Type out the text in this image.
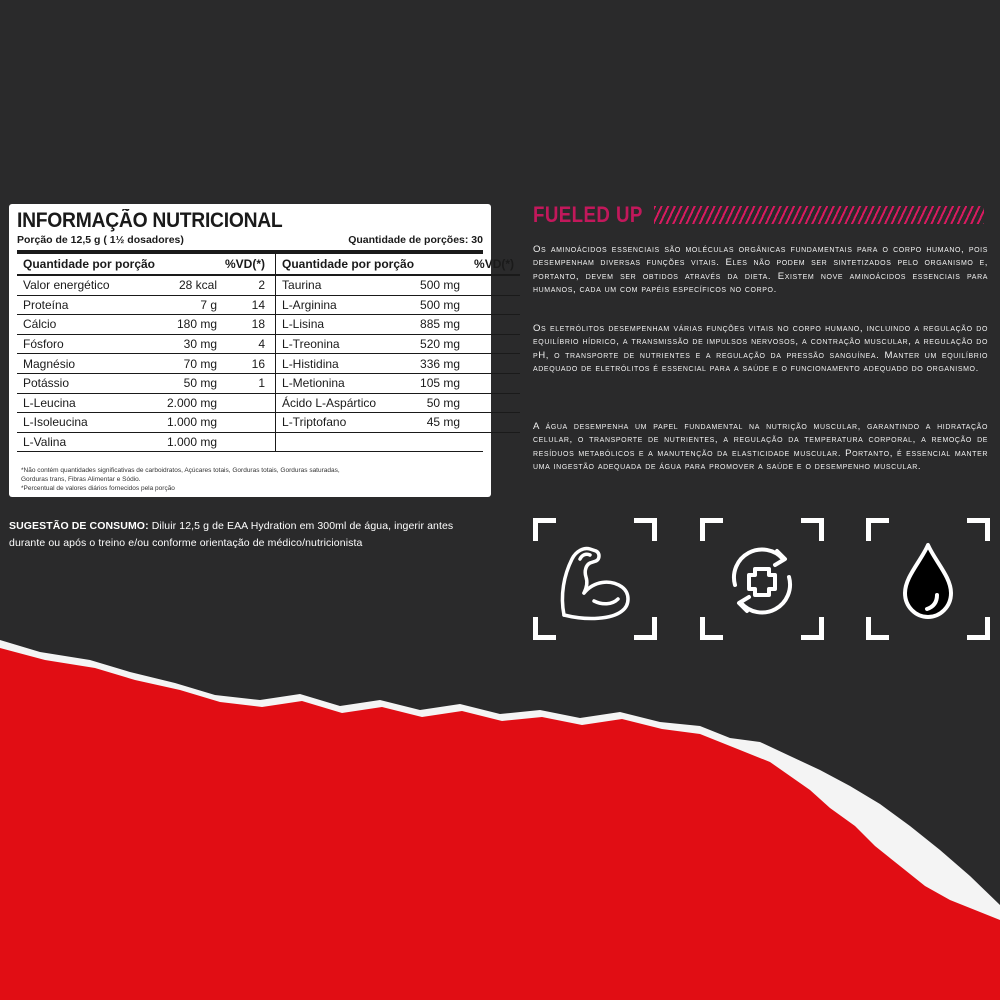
INFORMAÇÃO NUTRICIONAL
Porção de 12,5 g ( 1½ dosadores)	Quantidade de porções: 30
Quantidade por porção	%VD(*)
Valor energético	28 kcal	2
Proteína	7 g	14
Cálcio	180 mg	18
Fósforo	30 mg	4
Magnésio	70 mg	16
Potássio	50 mg	1
L-Leucina	2.000 mg
L-Isoleucina	1.000 mg
L-Valina	1.000 mg
Quantidade por porção	%VD(*)
Taurina	500 mg
L-Arginina	500 mg
L-Lisina	885 mg
L-Treonina	520 mg
L-Histidina	336 mg
L-Metionina	105 mg
Ácido L-Aspártico	50 mg
L-Triptofano	45 mg
*Não contém quantidades significativas de carboidratos, Açúcares totais, Gorduras totais, Gorduras saturadas,
Gorduras trans, Fibras Alimentar e Sódio.
*Percentual de valores diários fornecidos pela porção
SUGESTÃO DE CONSUMO: Diluir 12,5 g de EAA Hydration em 300ml de água, ingerir antes durante ou após o treino e/ou conforme orientação de médico/nutricionista
FUELED UP
Os aminoácidos essenciais são moléculas orgânicas fundamentais para o corpo humano, pois desempenham diversas funções vitais. Eles não podem ser sintetizados pelo organismo e, portanto, devem ser obtidos através da dieta. Existem nove aminoácidos essenciais para humanos, cada um com papéis específicos no corpo.
Os eletrólitos desempenham várias funções vitais no corpo humano, incluindo a regulação do equilíbrio hídrico, a transmissão de impulsos nervosos, a contração muscular, a regulação do pH, o transporte de nutrientes e a regulação da pressão sanguínea. Manter um equilíbrio adequado de eletrólitos é essencial para a saúde e o funcionamento adequado do organismo.
A água desempenha um papel fundamental na nutrição muscular, garantindo a hidratação celular, o transporte de nutrientes, a regulação da temperatura corporal, a remoção de resíduos metabólicos e a manutenção da elasticidade muscular. Portanto, é essencial manter uma ingestão adequada de água para promover a saúde e o desempenho muscular.
